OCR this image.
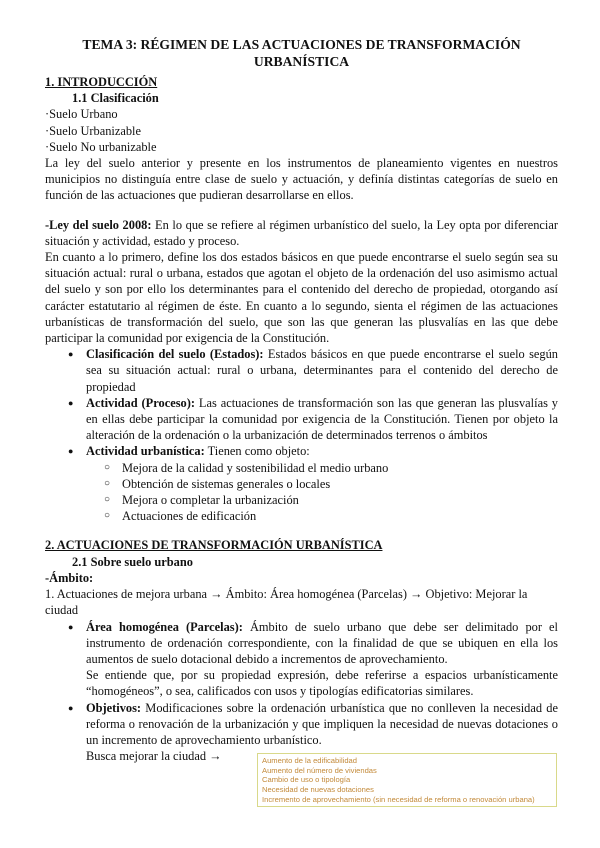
TEMA 3: RÉGIMEN DE LAS ACTUACIONES DE TRANSFORMACIÓN URBANÍSTICA
1. INTRODUCCIÓN
1.1 Clasificación

·Suelo Urbano

·Suelo Urbanizable

·Suelo No urbanizable

La ley del suelo anterior y presente en los instrumentos de planeamiento vigentes en nuestros municipios no distinguía entre clase de suelo y actuación, y definía distintas categorías de suelo en función de las actuaciones que pudieran desarrollarse en ellos.

-Ley del suelo 2008: En lo que se refiere al régimen urbanístico del suelo, la Ley opta por diferenciar situación y actividad, estado y proceso.

En cuanto a lo primero, define los dos estados básicos en que puede encontrarse el suelo según sea su situación actual: rural o urbana, estados que agotan el objeto de la ordenación del uso asimismo actual del suelo y son por ello los determinantes para el contenido del derecho de propiedad, otorgando así carácter estatutario al régimen de éste. En cuanto a lo segundo, sienta el régimen de las actuaciones urbanísticas de transformación del suelo, que son las que generan las plusvalías en las que debe participar la comunidad por exigencia de la Constitución.

● Clasificación del suelo (Estados): Estados básicos en que puede encontrarse el suelo según sea su situación actual: rural o urbana, determinantes para el contenido del derecho de propiedad
● Actividad (Proceso): Las actuaciones de transformación son las que generan las plusvalías y en ellas debe participar la comunidad por exigencia de la Constitución. Tienen por objeto la alteración de la ordenación o la urbanización de determinados terrenos o ámbitos
● Actividad urbanística: Tienen como objeto:
○ Mejora de la calidad y sostenibilidad el medio urbano
○ Obtención de sistemas generales o locales
○ Mejora o completar la urbanización
○ Actuaciones de edificación
2. ACTUACIONES DE TRANSFORMACIÓN URBANÍSTICA
2.1 Sobre suelo urbano
-Ámbito:

1. Actuaciones de mejora urbana → Ámbito: Área homogénea (Parcelas) → Objetivo: Mejorar la ciudad

● Área homogénea (Parcelas): Ámbito de suelo urbano que debe ser delimitado por el instrumento de ordenación correspondiente, con la finalidad de que se ubiquen en ella los aumentos de suelo dotacional debido a incrementos de aprovechamiento.

Se entiende que, por su propiedad expresión, debe referirse a espacios urbanísticamente “homogéneos”, o sea, calificados con usos y tipologías edificatorias similares.

● Objetivos: Modificaciones sobre la ordenación urbanística que no conlleven la necesidad de reforma o renovación de la urbanización y que impliquen la necesidad de nuevas dotaciones o un incremento de aprovechamiento urbanístico.
Busca mejorar la ciudad →	Aumento de la edificabilidad
Aumento del número de viviendas
Cambio de uso o tipología
Necesidad de nuevas dotaciones
Incremento de aprovechamiento (sin necesidad de reforma o renovación urbana)
